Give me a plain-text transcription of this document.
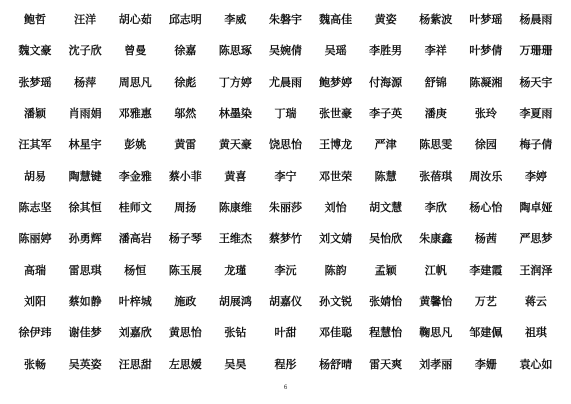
鲍哲	汪洋 胡心茹 邱志明 李威 朱磐宇 魏高佳 黄姿 杨紫波 叶梦瑶 杨晨雨
魏文豪 沈子欣 曾曼	徐嘉 陈思琢 吴婉倩 吴瑶 李胜男 李祥 叶梦倩 万珊珊
张梦瑶 杨萍 周思凡 徐彪 丁方婷 尤晨雨 鲍梦婷 付海源 舒锦 陈凝湘 杨天宇
潘颖 肖雨娟 邓雅惠 邬然 林墨染 丁瑞 张世豪 李子英 潘庚	张玲 李夏雨
汪其军 林星宇 彭姚	黄雷 黄天豪 饶思怡 王博龙 严津 陈思雯 徐园 梅子倩
胡易 陶慧键 李金雅 蔡小菲 黄喜	李宁 邓世荣 陈慧 张蓓琪 周汝乐 李婷
陈志坚 徐其恒 桂师文 周扬 陈康维 朱丽莎 刘怡 胡文慧 李欣 杨心怡 陶卓娅
陈丽婷 孙勇辉 潘高岩 杨子琴 王维杰 蔡梦竹 刘文婧 吴怡欣 朱康鑫 杨茜 严思梦
高瑞 雷思琪 杨恒 陈玉展 龙瑾	李沅	陈韵	孟颖	江帆 李建霞 王润泽
刘阳 蔡如静 叶梓城 施政 胡展鸿 胡嘉仪 孙文锐 张婧怡 黄馨怡 万艺	蒋云
徐伊玮 谢佳梦 刘嘉欣 黄思怡 张钻	叶甜 邓佳聪 程慧怡 鞠思凡 邹建佩 祖琪
张畅 吴英姿 汪思甜 左思嫒 吴昊	程彤 杨舒晴 雷天爽 刘孝丽 李姗 袁心如
6
